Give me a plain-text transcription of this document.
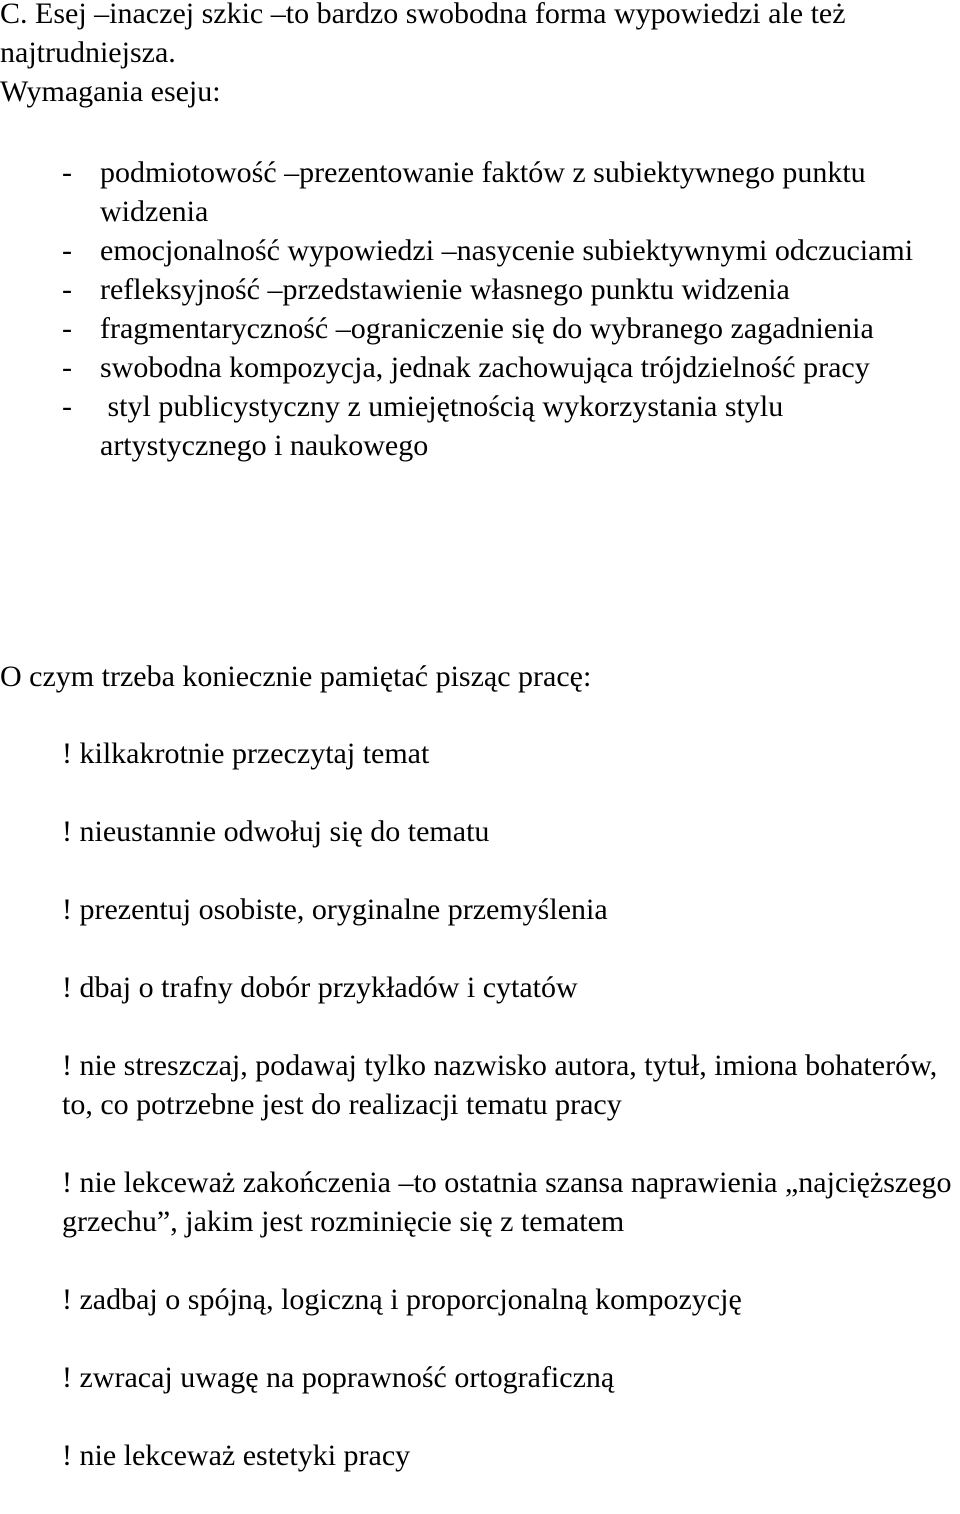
C. Esej –inaczej szkic –to bardzo swobodna forma wypowiedzi ale też najtrudniejsza.

Wymagania eseju:

- podmiotowość –prezentowanie faktów z subiektywnego punktu widzenia
- emocjonalność wypowiedzi –nasycenie subiektywnymi odczuciami
- refleksyjność –przedstawienie własnego punktu widzenia
- fragmentaryczność –ograniczenie się do wybranego zagadnienia
- swobodna kompozycja, jednak zachowująca trójdzielność pracy
- styl publicystyczny z umiejętnością wykorzystania stylu artystycznego i naukowego

O czym trzeba koniecznie pamiętać pisząc pracę:

! kilkakrotnie przeczytaj temat

! nieustannie odwołuj się do tematu

! prezentuj osobiste, oryginalne przemyślenia

! dbaj o trafny dobór przykładów i cytatów

! nie streszczaj, podawaj tylko nazwisko autora, tytuł, imiona bohaterów, to, co potrzebne jest do realizacji tematu pracy

! nie lekceważ zakończenia –to ostatnia szansa naprawienia „najcięższego grzechu”, jakim jest rozminięcie się z tematem

! zadbaj o spójną, logiczną i proporcjonalną kompozycję

! zwracaj uwagę na poprawność ortograficzną

! nie lekceważ estetyki pracy
